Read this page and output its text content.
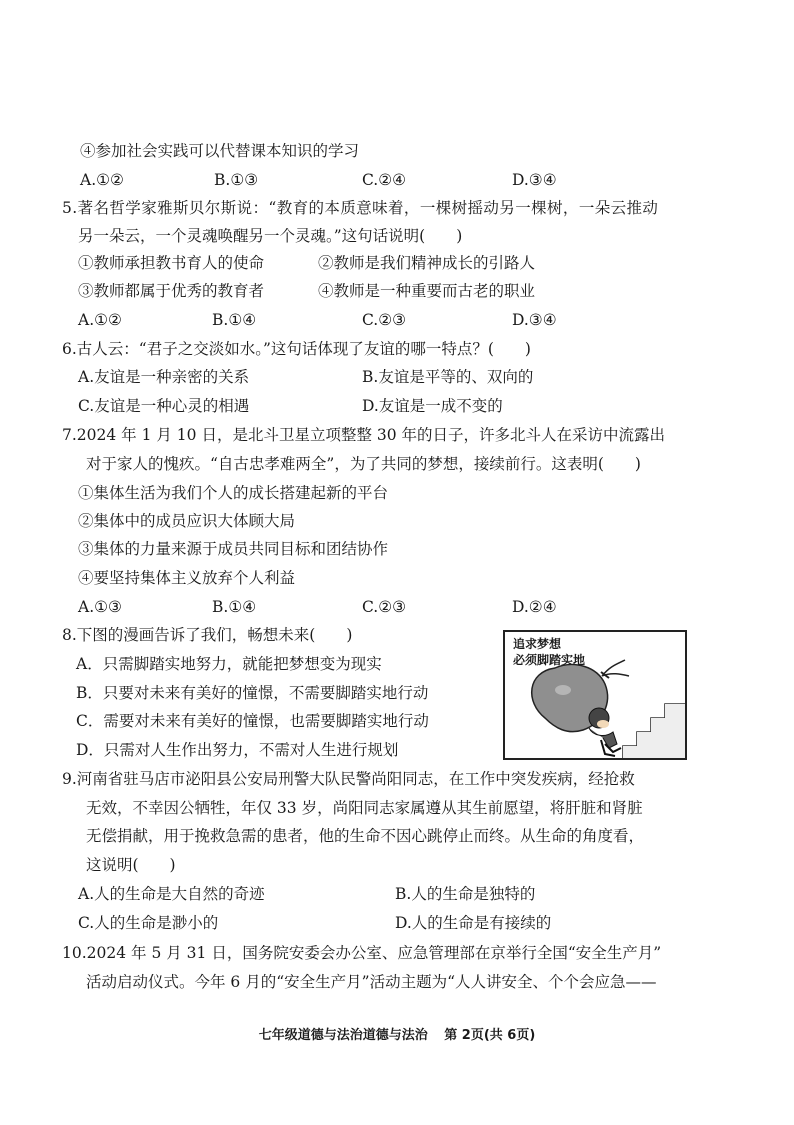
④参加社会实践可以代替课本知识的学习
A.①②	B.①③	C.②④	D.③④
5.著名哲学家雅斯贝尔斯说：“教育的本质意味着，一棵树摇动另一棵树，一朵云推动
另一朵云，一个灵魂唤醒另一个灵魂。”这句话说明(　　)
①教师承担教书育人的使命	②教师是我们精神成长的引路人
③教师都属于优秀的教育者	④教师是一种重要而古老的职业
A.①②	B.①④	C.②③	D.③④
6.古人云：“君子之交淡如水。”这句话体现了友谊的哪一特点？(　　)
A.友谊是一种亲密的关系	B.友谊是平等的、双向的
C.友谊是一种心灵的相遇	D.友谊是一成不变的
7.2024 年 1 月 10 日，是北斗卫星立项整整 30 年的日子，许多北斗人在采访中流露出
对于家人的愧疚。“自古忠孝难两全”，为了共同的梦想，接续前行。这表明(　　)
①集体生活为我们个人的成长搭建起新的平台
②集体中的成员应识大体顾大局
③集体的力量来源于成员共同目标和团结协作
④要坚持集体主义放弃个人利益
A.①③	B.①④	C.②③	D.②④
8.下图的漫画告诉了我们，畅想未来(　　)
A．只需脚踏实地努力，就能把梦想变为现实
B．只要对未来有美好的憧憬，不需要脚踏实地行动
C．需要对未来有美好的憧憬，也需要脚踏实地行动
D．只需对人生作出努力，不需对人生进行规划
追求梦想
必须脚踏实地
9.河南省驻马店市泌阳县公安局刑警大队民警尚阳同志，在工作中突发疾病，经抢救
无效，不幸因公牺牲，年仅 33 岁，尚阳同志家属遵从其生前愿望，将肝脏和肾脏
无偿捐献，用于挽救急需的患者，他的生命不因心跳停止而终。从生命的角度看，
这说明(　　)
A.人的生命是大自然的奇迹	B.人的生命是独特的
C.人的生命是渺小的	D.人的生命是有接续的
10.2024 年 5 月 31 日，国务院安委会办公室、应急管理部在京举行全国“安全生产月”
活动启动仪式。今年 6 月的“安全生产月”活动主题为“人人讲安全、个个会应急——
七年级道德与法治道德与法治 第 2页(共 6页)
